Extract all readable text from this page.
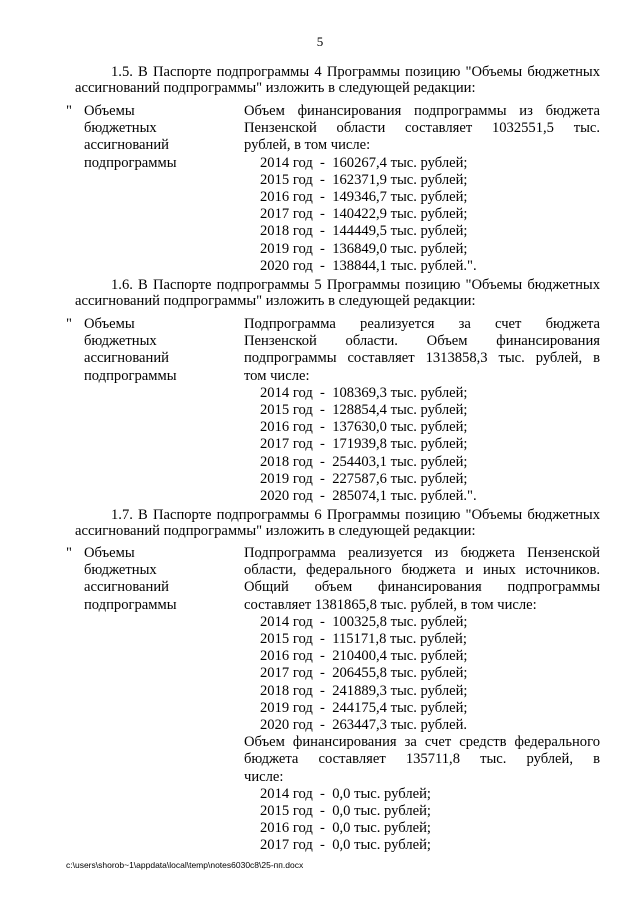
5
1.5. В Паспорте подпрограммы 4 Программы позицию "Объемы бюджетных
ассигнований подпрограммы" изложить в следующей редакции:
" Объемы
бюджетных
ассигнований
подпрограммы
Объем финансирования подпрограммы из бюджета
Пензенской области составляет 1032551,5 тыс.
рублей, в том числе:
2014 год  -  160267,4 тыс. рублей;
2015 год  -  162371,9 тыс. рублей;
2016 год  -  149346,7 тыс. рублей;
2017 год  -  140422,9 тыс. рублей;
2018 год  -  144449,5 тыс. рублей;
2019 год  -  136849,0 тыс. рублей;
2020 год  -  138844,1 тыс. рублей.".
1.6. В Паспорте подпрограммы 5 Программы позицию "Объемы бюджетных
ассигнований подпрограммы" изложить в следующей редакции:
" Объемы
бюджетных
ассигнований
подпрограммы
Подпрограмма реализуется за счет бюджета
Пензенской области. Объем финансирования
подпрограммы составляет 1313858,3 тыс. рублей, в
том числе:
2014 год  -  108369,3 тыс. рублей;
2015 год  -  128854,4 тыс. рублей;
2016 год  -  137630,0 тыс. рублей;
2017 год  -  171939,8 тыс. рублей;
2018 год  -  254403,1 тыс. рублей;
2019 год  -  227587,6 тыс. рублей;
2020 год  -  285074,1 тыс. рублей.".
1.7. В Паспорте подпрограммы 6 Программы позицию "Объемы бюджетных
ассигнований подпрограммы" изложить в следующей редакции:
" Объемы
бюджетных
ассигнований
подпрограммы
Подпрограмма реализуется из бюджета Пензенской
области, федерального бюджета и иных источников.
Общий объем финансирования подпрограммы
составляет 1381865,8 тыс. рублей, в том числе:
2014 год  -  100325,8 тыс. рублей;
2015 год  -  115171,8 тыс. рублей;
2016 год  -  210400,4 тыс. рублей;
2017 год  -  206455,8 тыс. рублей;
2018 год  -  241889,3 тыс. рублей;
2019 год  -  244175,4 тыс. рублей;
2020 год  -  263447,3 тыс. рублей.
Объем финансирования за счет средств федерального
бюджета составляет 135711,8 тыс. рублей, в
числе:
2014 год  -  0,0 тыс. рублей;
2015 год  -  0,0 тыс. рублей;
2016 год  -  0,0 тыс. рублей;
2017 год  -  0,0 тыс. рублей;
c:\users\shorob~1\appdata\local\temp\notes6030c8\25-пп.docx
